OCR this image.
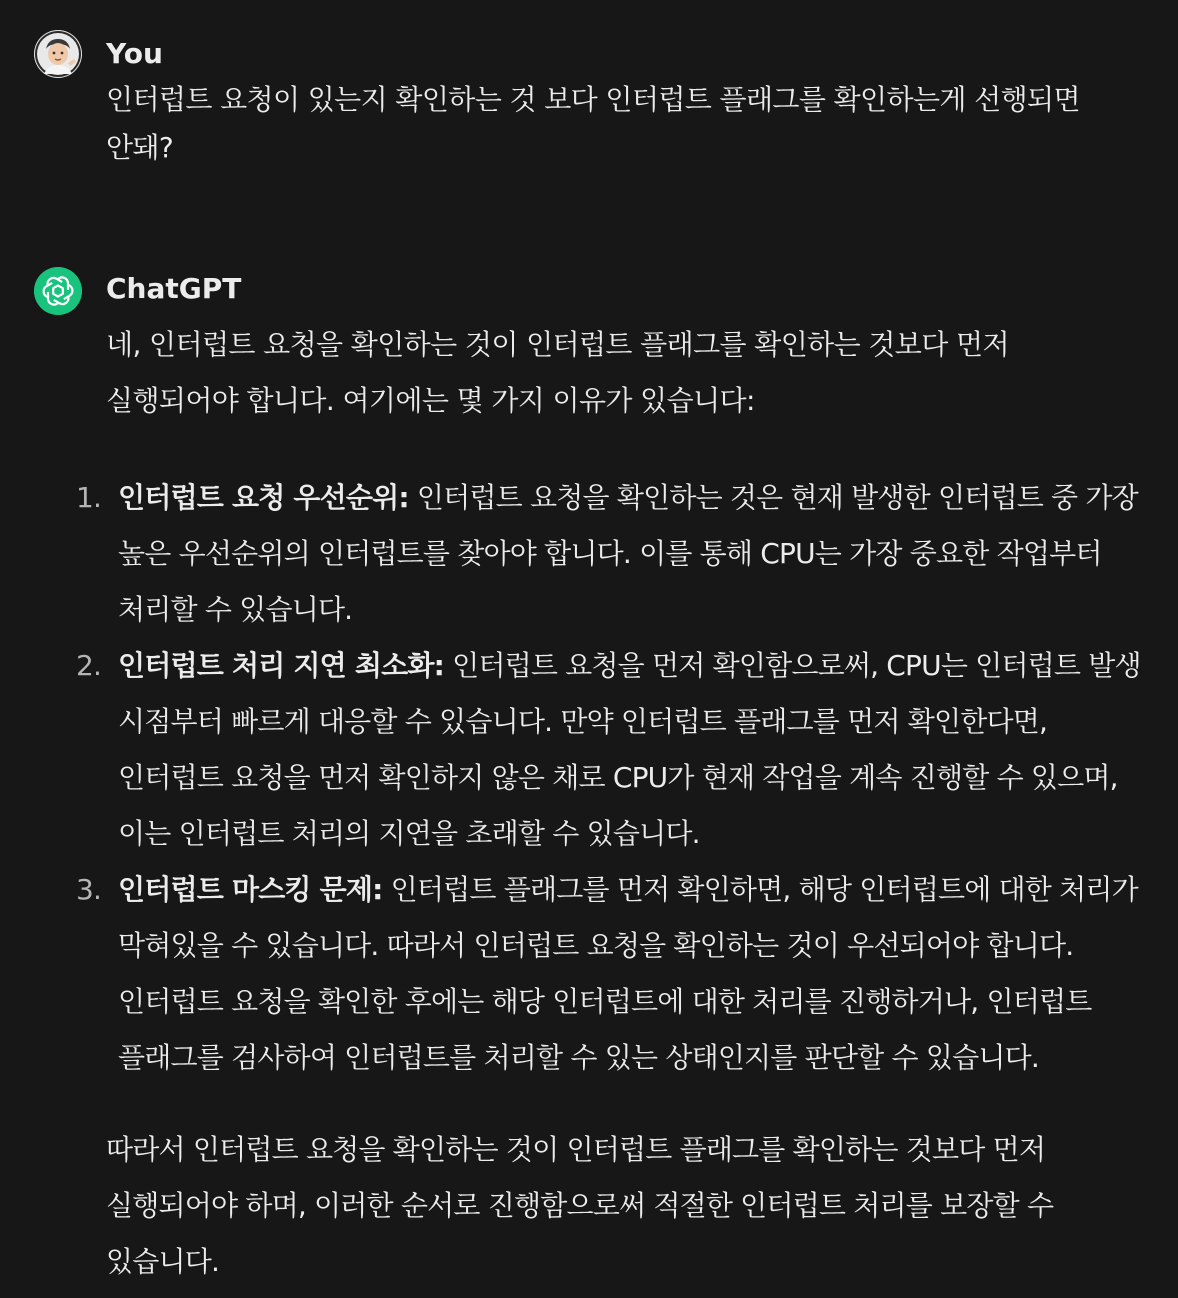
You
인터럽트 요청이 있는지 확인하는 것 보다 인터럽트 플래그를 확인하는게 선행되면 안돼?
ChatGPT

네, 인터럽트 요청을 확인하는 것이 인터럽트 플래그를 확인하는 것보다 먼저 실행되어야 합니다. 여기에는 몇 가지 이유가 있습니다:

1. 인터럽트 요청 우선순위: 인터럽트 요청을 확인하는 것은 현재 발생한 인터럽트 중 가장 높은 우선순위의 인터럽트를 찾아야 합니다. 이를 통해 CPU는 가장 중요한 작업부터 처리할 수 있습니다.
2. 인터럽트 처리 지연 최소화: 인터럽트 요청을 먼저 확인함으로써, CPU는 인터럽트 발생 시점부터 빠르게 대응할 수 있습니다. 만약 인터럽트 플래그를 먼저 확인한다면, 인터럽트 요청을 먼저 확인하지 않은 채로 CPU가 현재 작업을 계속 진행할 수 있으며, 이는 인터럽트 처리의 지연을 초래할 수 있습니다.
3. 인터럽트 마스킹 문제: 인터럽트 플래그를 먼저 확인하면, 해당 인터럽트에 대한 처리가 막혀있을 수 있습니다. 따라서 인터럽트 요청을 확인하는 것이 우선되어야 합니다. 인터럽트 요청을 확인한 후에는 해당 인터럽트에 대한 처리를 진행하거나, 인터럽트 플래그를 검사하여 인터럽트를 처리할 수 있는 상태인지를 판단할 수 있습니다.
따라서 인터럽트 요청을 확인하는 것이 인터럽트 플래그를 확인하는 것보다 먼저 실행되어야 하며, 이러한 순서로 진행함으로써 적절한 인터럽트 처리를 보장할 수 있습니다.
